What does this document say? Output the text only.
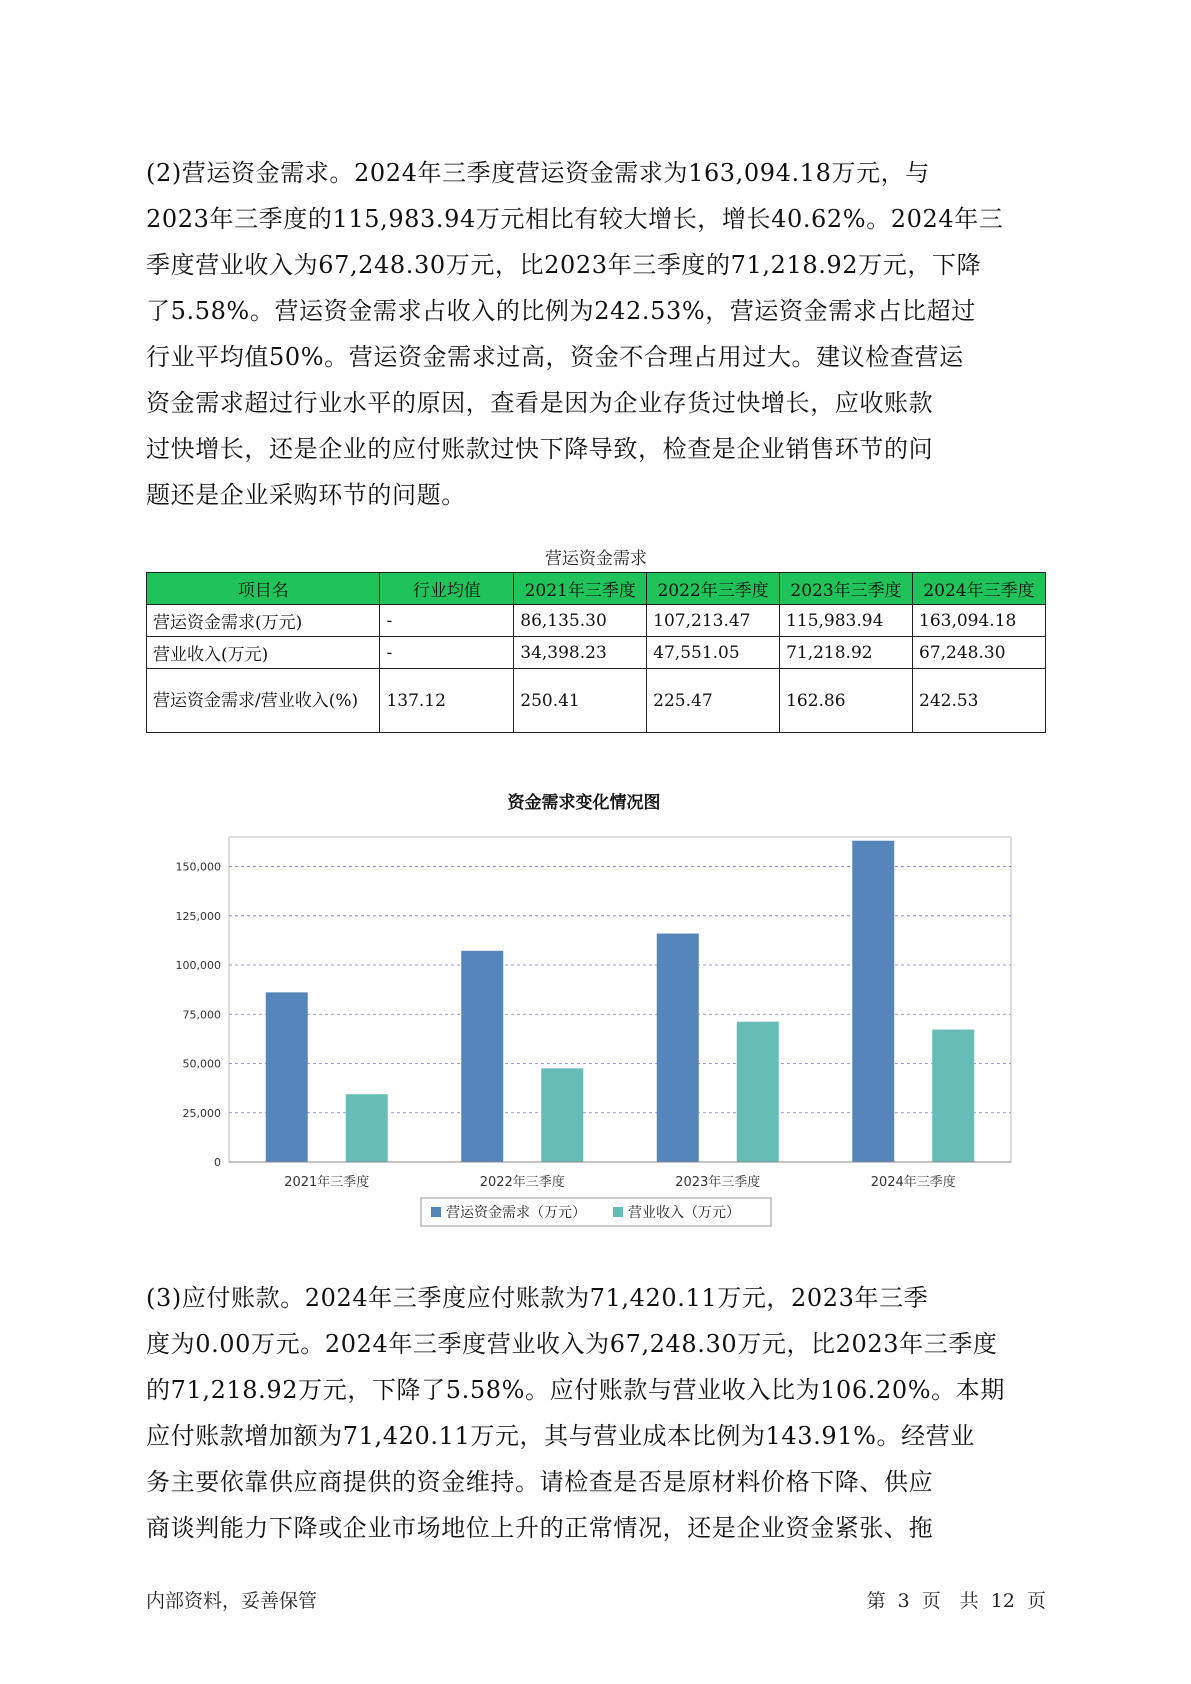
(2)营运资金需求。2024年三季度营运资金需求为163,094.18万元，与
2023年三季度的115,983.94万元相比有较大增长，增长40.62%。2024年三
季度营业收入为67,248.30万元，比2023年三季度的71,218.92万元，下降
了5.58%。营运资金需求占收入的比例为242.53%，营运资金需求占比超过
行业平均值50%。营运资金需求过高，资金不合理占用过大。建议检查营运
资金需求超过行业水平的原因，查看是因为企业存货过快增长，应收账款
过快增长，还是企业的应付账款过快下降导致，检查是企业销售环节的问
题还是企业采购环节的问题。
营运资金需求
项目名	行业均值	2021年三季度	2022年三季度	2023年三季度	2024年三季度
营运资金需求(万元)	-	86,135.30	107,213.47	115,983.94	163,094.18
营业收入(万元)	-	34,398.23	47,551.05	71,218.92	67,248.30
营运资金需求/营业收入(%)	137.12	250.41	225.47	162.86	242.53
资金需求变化情况图
0
25,000
50,000
75,000
100,000
125,000
150,000
2021年三季度	2022年三季度	2023年三季度	2024年三季度
营运资金需求（万元）	营业收入（万元）
(3)应付账款。2024年三季度应付账款为71,420.11万元，2023年三季
度为0.00万元。2024年三季度营业收入为67,248.30万元，比2023年三季度
的71,218.92万元，下降了5.58%。应付账款与营业收入比为106.20%。本期
应付账款增加额为71,420.11万元，其与营业成本比例为143.91%。经营业
务主要依靠供应商提供的资金维持。请检查是否是原材料价格下降、供应
商谈判能力下降或企业市场地位上升的正常情况，还是企业资金紧张、拖
内部资料，妥善保管	第 3 页　共 12 页
